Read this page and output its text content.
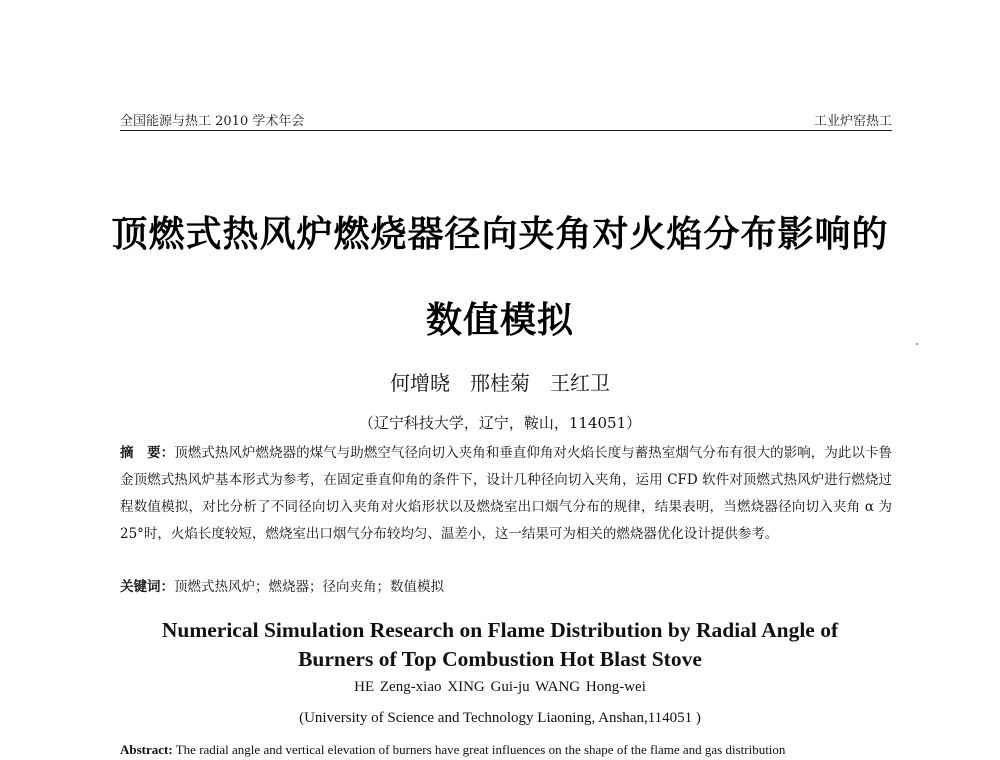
全国能源与热工 2010 学术年会	工业炉窑热工
顶燃式热风炉燃烧器径向夹角对火焰分布影响的
数值模拟
何增晓　邢桂菊　王红卫
（辽宁科技大学，辽宁，鞍山，114051）
摘　要：顶燃式热风炉燃烧器的煤气与助燃空气径向切入夹角和垂直仰角对火焰长度与蓄热室烟气分布有很大的影响，为此以卡鲁金顶燃式热风炉基本形式为参考，在固定垂直仰角的条件下，设计几种径向切入夹角，运用 CFD 软件对顶燃式热风炉进行燃烧过程数值模拟，对比分析了不同径向切入夹角对火焰形状以及燃烧室出口烟气分布的规律，结果表明，当燃烧器径向切入夹角 α 为 25°时，火焰长度较短，燃烧室出口烟气分布较均匀、温差小，这一结果可为相关的燃烧器优化设计提供参考。
关键词：顶燃式热风炉；燃烧器；径向夹角；数值模拟
Numerical Simulation Research on Flame Distribution by Radial Angle of
Burners of Top Combustion Hot Blast Stove
HE Zeng-xiao XING Gui-ju WANG Hong-wei
(University of Science and Technology Liaoning, Anshan,114051 )
Abstract: The radial angle and vertical elevation of burners have great influences on the shape of the flame and gas distribution
